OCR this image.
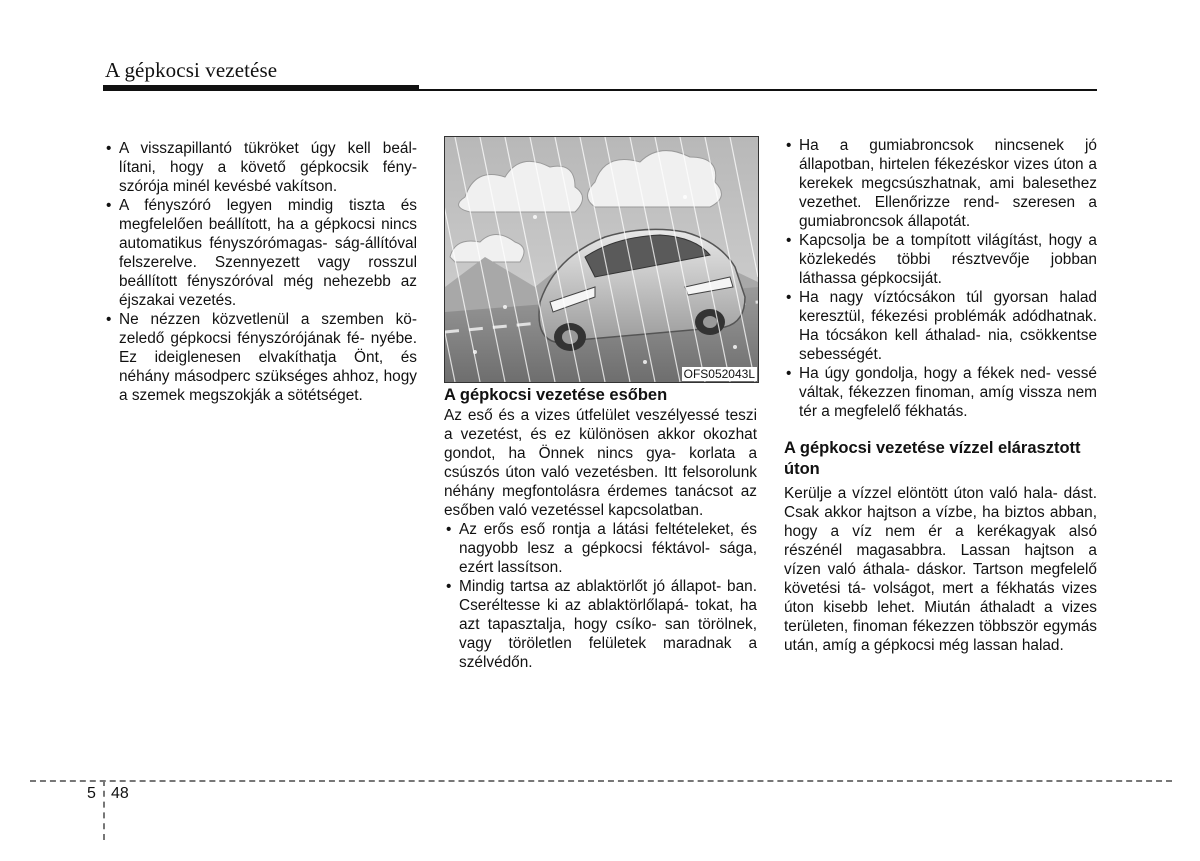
A gépkocsi vezetése
• A visszapillantó tükröket úgy kell beál- lítani, hogy a követő gépkocsik fény- szórója minél kevésbé vakítson.
• A fényszóró legyen mindig tiszta és megfelelően beállított, ha a gépkocsi nincs automatikus fényszórómagas- ság-állítóval felszerelve. Szennyezett vagy rosszul beállított fényszóróval még nehezebb az éjszakai vezetés.
• Ne nézzen közvetlenül a szemben kö- zeledő gépkocsi fényszórójának fé- nyébe. Ez ideiglenesen elvakíthatja Önt, és néhány másodperc szükséges ahhoz, hogy a szemek megszokják a sötétséget.
OFS052043L
A gépkocsi vezetése esőben

Az eső és a vizes útfelület veszélyessé teszi a vezetést, és ez különösen akkor okozhat gondot, ha Önnek nincs gya- korlata a csúszós úton való vezetésben. Itt felsorolunk néhány megfontolásra érdemes tanácsot az esőben való vezetéssel kapcsolatban.

• Az erős eső rontja a látási feltételeket, és nagyobb lesz a gépkocsi féktávol- sága, ezért lassítson.
• Mindig tartsa az ablaktörlőt jó állapot- ban. Cseréltesse ki az ablaktörlőlapá- tokat, ha azt tapasztalja, hogy csíko- san törölnek, vagy töröletlen felületek maradnak a szélvédőn.
• Ha a gumiabroncsok nincsenek jó állapotban, hirtelen fékezéskor vizes úton a kerekek megcsúszhatnak, ami balesethez vezethet. Ellenőrizze rend- szeresen a gumiabroncsok állapotát.
• Kapcsolja be a tompított világítást, hogy a közlekedés többi résztvevője jobban láthassa gépkocsiját.
• Ha nagy víztócsákon túl gyorsan halad keresztül, fékezési problémák adódhatnak. Ha tócsákon kell áthalad- nia, csökkentse sebességét.
• Ha úgy gondolja, hogy a fékek ned- vessé váltak, fékezzen finoman, amíg vissza nem tér a megfelelő fékhatás.
A gépkocsi vezetése vízzel elárasztott úton

Kerülje a vízzel elöntött úton való hala- dást. Csak akkor hajtson a vízbe, ha biztos abban, hogy a víz nem ér a kerékagyak alsó részénél magasabbra. Lassan hajtson a vízen való áthala- dáskor. Tartson megfelelő követési tá- volságot, mert a fékhatás vizes úton kisebb lehet. Miután áthaladt a vizes területen, finoman fékezzen többször egymás után, amíg a gépkocsi még lassan halad.

5 48
